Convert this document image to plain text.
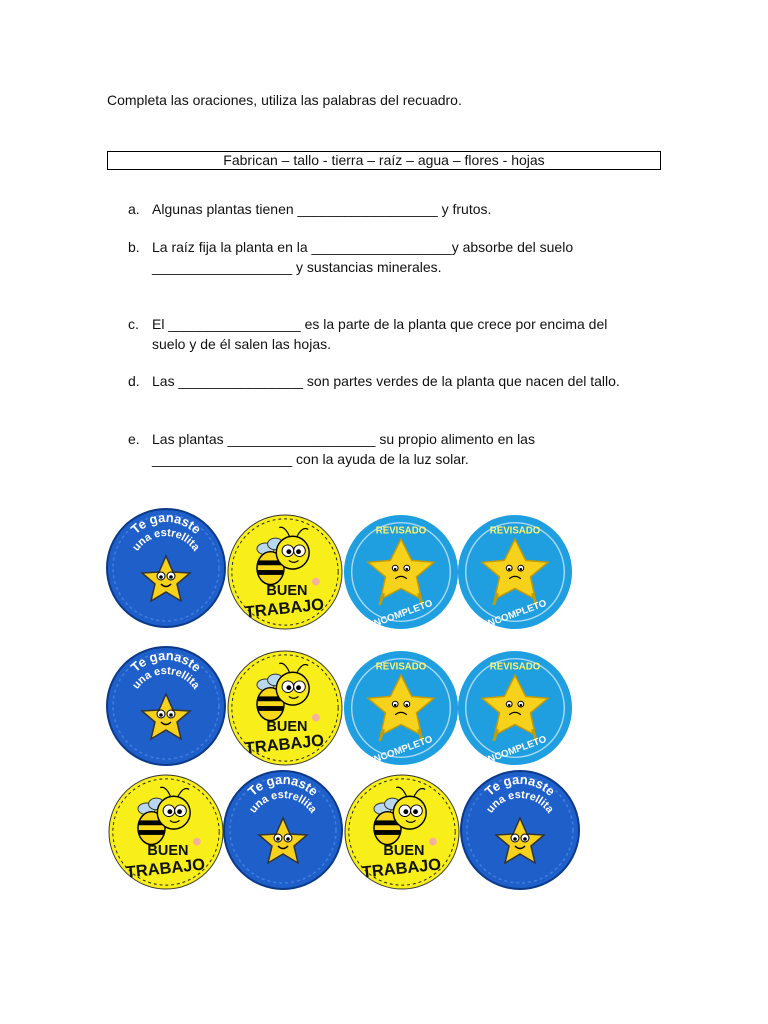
Completa las oraciones, utiliza las palabras del recuadro.
Fabrican – tallo - tierra – raíz – agua – flores - hojas
a. Algunas plantas tienen __________________ y frutos.
b. La raíz fija la planta en la __________________y absorbe del suelo
__________________ y sustancias minerales.
c. El _________________ es la parte de la planta que crece por encima del
suelo y de él salen las hojas.
d. Las ________________ son partes verdes de la planta que nacen del tallo.
e. Las plantas ___________________ su propio alimento en las
__________________ con la ayuda de la luz solar.
Te ganaste
una estrellita
BUEN
TRABAJO
REVISADO
INCOMPLETO
REVISADO
INCOMPLETO
Te ganaste
una estrellita
BUEN
TRABAJO
REVISADO
INCOMPLETO
REVISADO
INCOMPLETO
BUEN
TRABAJO
Te ganaste
una estrellita
BUEN
TRABAJO
Te ganaste
una estrellita
